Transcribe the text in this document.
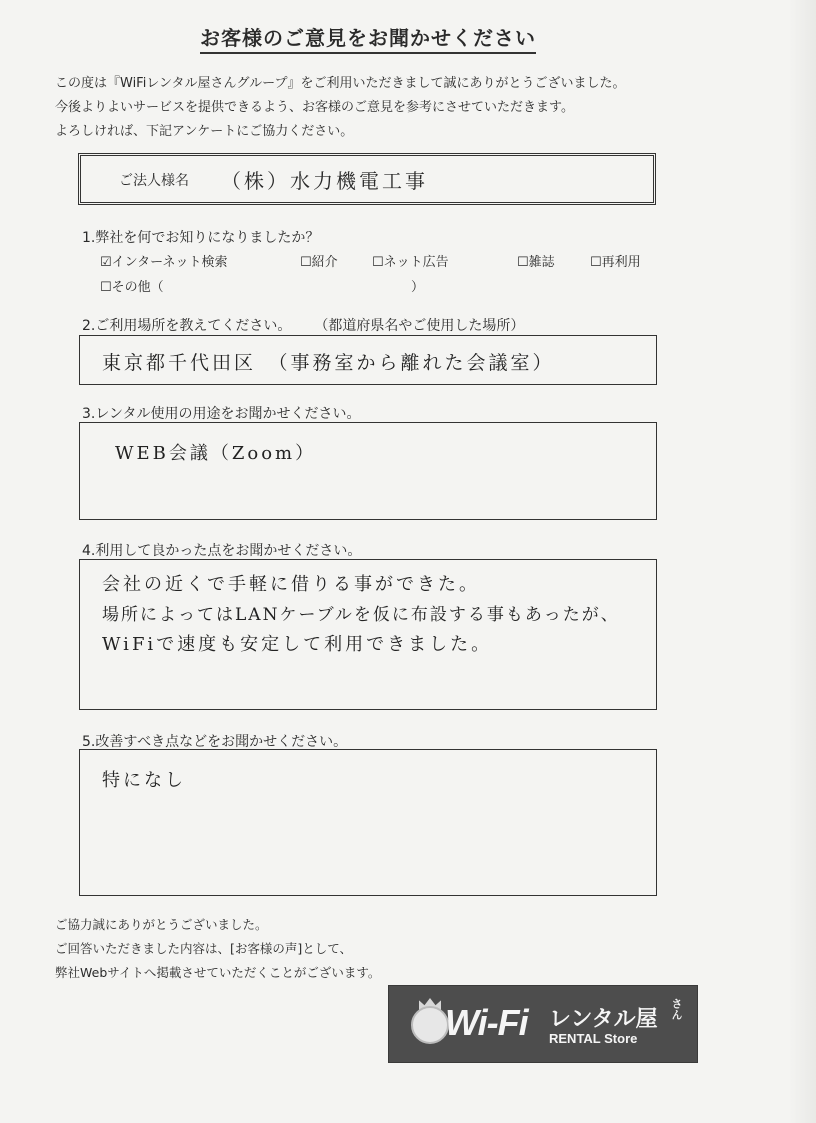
お客様のご意見をお聞かせください
この度は『WiFiレンタル屋さんグループ』をご利用いただきまして誠にありがとうございました。
今後よりよいサービスを提供できるよう、お客様のご意見を参考にさせていただきます。
よろしければ、下記アンケートにご協力ください。
ご法人様名 （株）水力機電工事
1.弊社を何でお知りになりましたか？
☑インターネット検索	☐紹介	☐ネット広告	☐雑誌	☐再利用
☐その他（	）
2.ご利用場所を教えてください。 （都道府県名やご使用した場所）
東京都千代田区　（事務室から離れた会議室）
3.レンタル使用の用途をお聞かせください。
WEB会議（Zoom）
4.利用して良かった点をお聞かせください。
会社の近くで手軽に借りる事ができた。
場所によってはLANケーブルを仮に布設する事もあったが、
WiFiで速度も安定して利用できました。
5.改善すべき点などをお聞かせください。
特になし
ご協力誠にありがとうございました。
ご回答いただきました内容は、[お客様の声]として、
弊社Webサイトへ掲載させていただくことがございます。
Wi-Fi レンタル屋 さん
RENTAL Store
